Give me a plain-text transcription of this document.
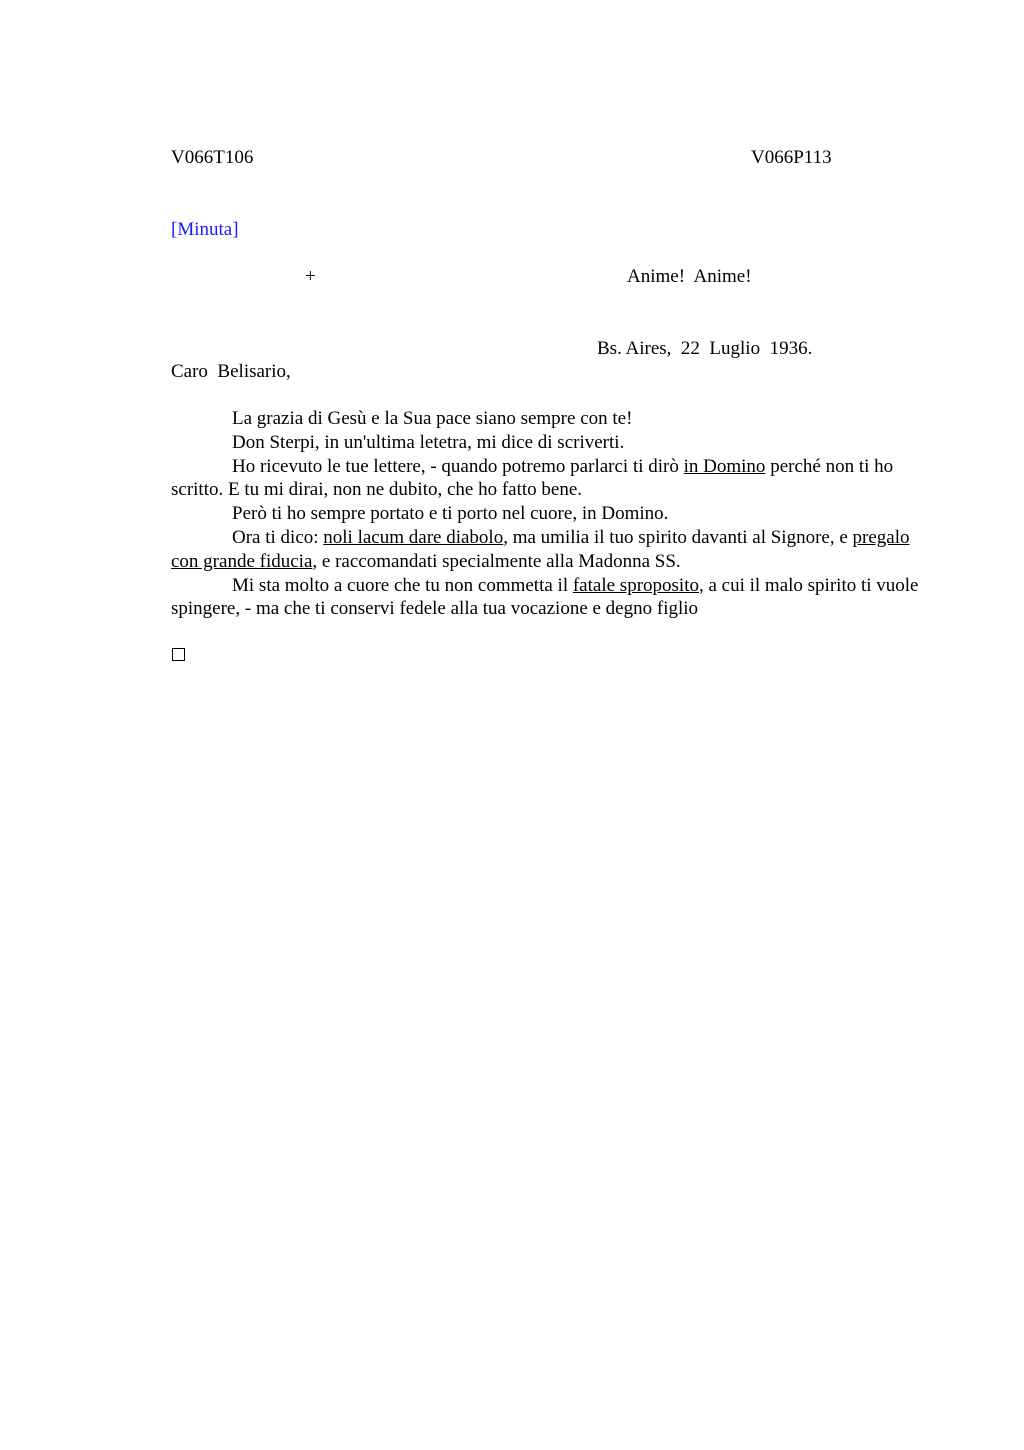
V066T106	V066P113
[Minuta]
+	Anime!  Anime!
Bs. Aires,  22  Luglio  1936.
Caro  Belisario,

La grazia di Gesù e la Sua pace siano sempre con te!

Don Sterpi, in un'ultima letetra, mi dice di scriverti.

Ho ricevuto le tue lettere, - quando potremo parlarci ti dirò in Domino perché non ti ho scritto. E tu mi dirai, non ne dubito, che ho fatto bene.

Però ti ho sempre portato e ti porto nel cuore, in Domino.

Ora ti dico: noli lacum dare diabolo, ma umilia il tuo spirito davanti al Signore, e pregalo con grande fiducia, e raccomandati specialmente alla Madonna SS.

Mi sta molto a cuore che tu non commetta il fatale sproposito, a cui il malo spirito ti vuole spingere, - ma che ti conservi fedele alla tua vocazione e degno figlio
